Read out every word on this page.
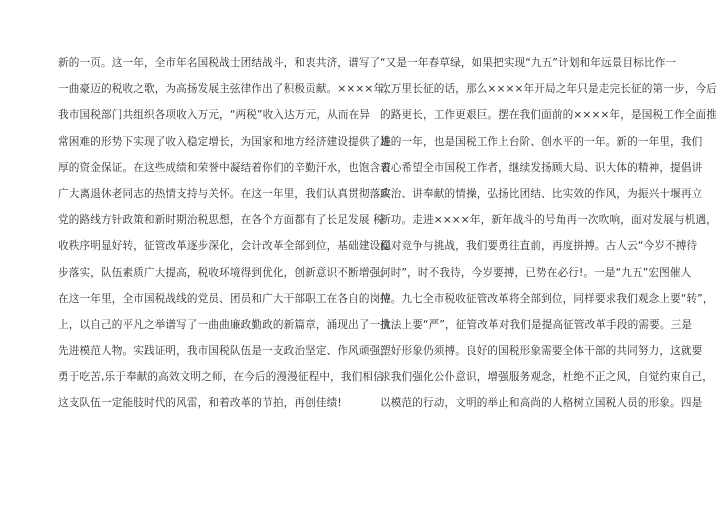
新的一页。这一年，全市年名国税战士团结战斗，和衷共济，谱写了
一曲豪迈的税收之歌，为高扬发展主弦律作出了积极贡献。××××年，
我市国税部门共组织各项收入万元，“两税”收入达万元，从而在异
常困难的形势下实现了收入稳定增长，为国家和地方经济建设提供了雄
厚的资金保证。在这些成绩和荣誉中凝结着你们的辛勤汗水，也饱含着
广大离退休老同志的热情支持与关怀。在这一年里，我们认真贯彻落实
党的路线方针政策和新时期治税思想，在各个方面都有了长足发展 税
收秩序明显好转，征管改革逐步深化，会计改革全部到位，基础建设稳
步落实，队伍素质广大提高，税收环境得到优化，创新意识不断增强。
在这一年里，全市国税战线的党员、团员和广大干部职工在各自的岗位
上，以自己的平凡之举谱写了一曲曲廉政勤政的新篇章，涌现出了一批
先进模范人物。实践证明，我市国税队伍是一支政治坚定、作风顽强，
勇于吃苦,乐于奉献的高效文明之师，在今后的漫漫征程中，我们相信
这支队伍一定能肢时代的风雷，和着改革的节拍，再创佳绩!
“又是一年春草绿，如果把实现“九五”计划和年远景目标比作一
次万里长征的话，那么××××年开局之年只是走完长征的第一步，今后
的路更长，工作更艰巨。摆在我们面前的××××年，是国税工作全面推
进的一年，也是国税工作上台阶、创水平的一年。新的一年里，我们
衷心希望全市国税工作者，继续发扬顾大局、识大体的精神，提倡讲
政治、讲奉献的情操，弘扬比团结、比实效的作风，为振兴十堰再立
新功。走进××××年，新年战斗的号角再一次吹响，面对发展与机遇，
面对竞争与挑战，我们要勇往直前，再度拼搏。古人云“今岁不搏待
何时”，时不我待，今岁要搏，已势在必行!。一是“九五”宏图催人
搏。九七全市税收征管改革将全部到位，同样要求我们观念上要“转”，
执法上要“严”，征管改革对我们是提高征管改革手段的需要。三是
塑好形象仍须搏。良好的国税形象需要全体干部的共同努力，这就要
求我们强化公仆意识，增强服务观念，杜绝不正之风，自觉约束自己，
以模范的行动，文明的举止和高尚的人格树立国税人员的形象。四是
